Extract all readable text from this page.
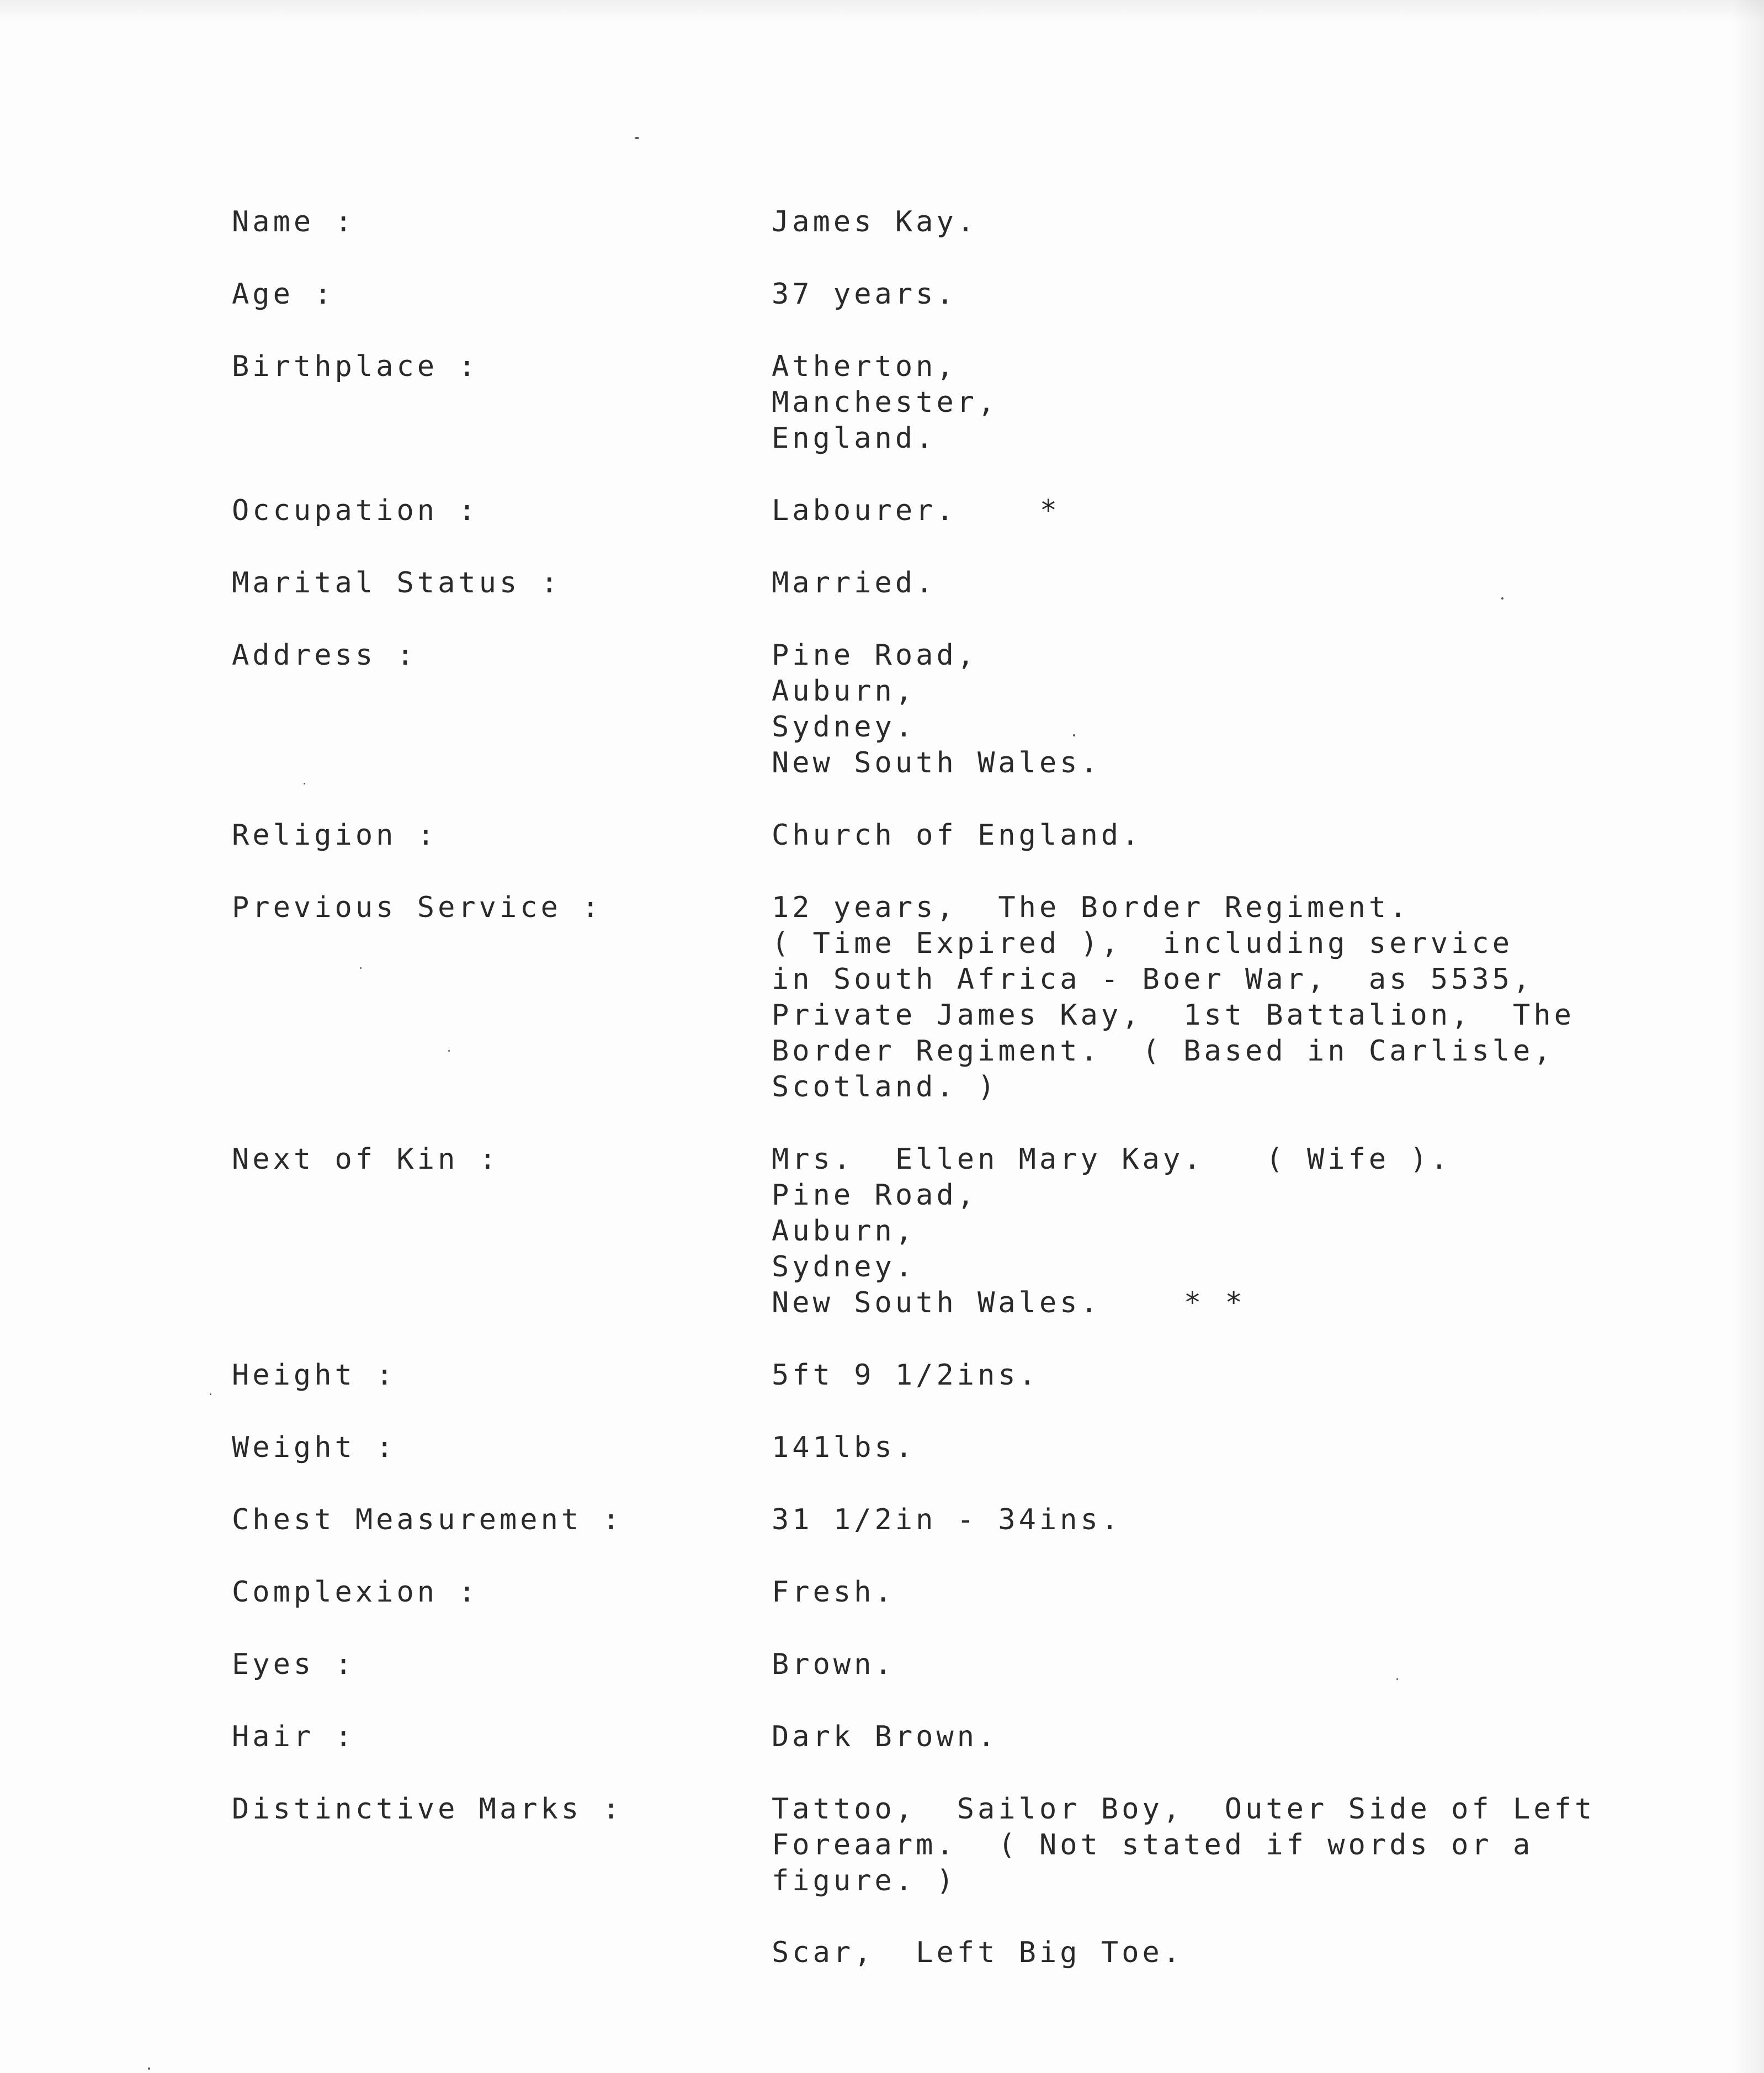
Name :	James Kay.
Age :	37 years.
Birthplace :	Atherton,
Manchester,
England.
Occupation :	Labourer.	*
Marital Status :	Married.
Address :	Pine Road,
Auburn,
Sydney.
New South Wales.
Religion :	Church of England.
Previous Service :	12 years,  The Border Regiment.
( Time Expired ),  including service
in South Africa - Boer War,  as 5535,
Private James Kay,  1st Battalion,  The
Border Regiment.  ( Based in Carlisle,
Scotland. )
Next of Kin :	Mrs.  Ellen Mary Kay.   ( Wife ).
Pine Road,
Auburn,
Sydney.
New South Wales.	* *
Height :	5ft 9 1/2ins.
Weight :	141lbs.
Chest Measurement :	31 1/2in - 34ins.
Complexion :	Fresh.
Eyes :	Brown.
Hair :	Dark Brown.
Distinctive Marks :	Tattoo,  Sailor Boy,  Outer Side of Left
Foreaarm.  ( Not stated if words or a
figure. )
Scar,  Left Big Toe.
